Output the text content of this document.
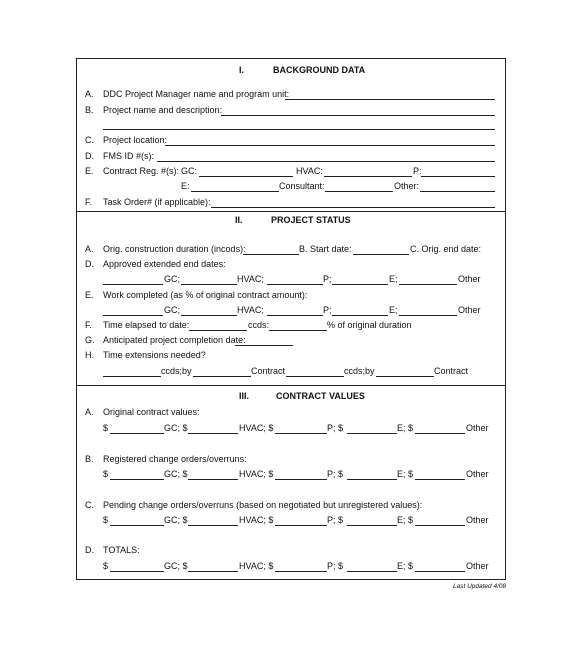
I.	BACKGROUND DATA
A. DDC Project Manager name and program unit:
B. Project name and description:
C. Project location:
D. FMS ID #(s):
E. Contract Reg. #(s): GC:	HVAC:	P:
E:	Consultant:	Other:
F. Task Order# (if applicable):
II.	PROJECT STATUS
A. Orig. construction duration (incods):	B. Start date:	C. Orig. end date:
D. Approved extended end dates:
GC;	HVAC;	P;	E;	Other
E. Work completed (as % of original contract amount):
GC;	HVAC;	P;	E;	Other
F. Time elapsed to date:	ccds:	% of original duration
G. Anticipated project completion date:
H. Time extensions needed?
ccds;by	Contract	ccds;by	Contract
III.	CONTRACT VALUES
A. Original contract values:
$	GC; $	HVAC; $	P; $	E; $	Other
B. Registered change orders/overruns:
$	GC; $	HVAC; $	P; $	E; $	Other
C. Pending change orders/overruns (based on negotiated but unregistered values):
$	GC; $	HVAC; $	P; $	E; $	Other
D. TOTALS:
$	GC; $	HVAC; $	P; $	E; $	Other
Last Updated 4/08
